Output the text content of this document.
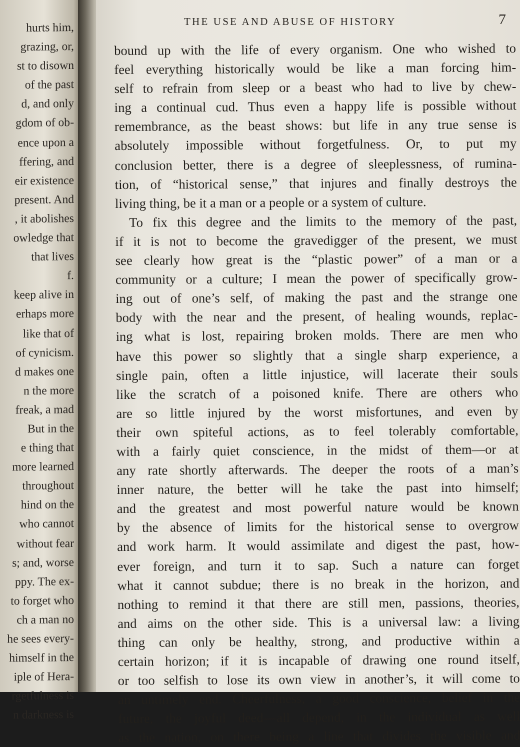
hurts him,
grazing, or,
st to disown
of the past
d, and only
gdom of ob-
ence upon a
ffering, and
eir existence
present. And
, it abolishes
owledge that
that lives
f.
keep alive in
erhaps more
like that of
of cynicism.
d makes one
n the more
freak, a mad
But in the
e thing that
more learned
throughout
hind on the
who cannot
without fear
s; and, worse
ppy. The ex-
to forget who
ch a man no
he sees every-
himself in the
iple of Hera-
rgetfulness is
n darkness is
THE USE AND ABUSE OF HISTORY	7
bound up with the life of every organism. One who wished to
feel everything historically would be like a man forcing him-
self to refrain from sleep or a beast who had to live by chew-
ing a continual cud. Thus even a happy life is possible without
remembrance, as the beast shows: but life in any true sense is
absolutely impossible without forgetfulness. Or, to put my
conclusion better, there is a degree of sleeplessness, of rumina-
tion, of “historical sense,” that injures and finally destroys the
living thing, be it a man or a people or a system of culture.
To fix this degree and the limits to the memory of the past,
if it is not to become the gravedigger of the present, we must
see clearly how great is the “plastic power” of a man or a
community or a culture; I mean the power of specifically grow-
ing out of one’s self, of making the past and the strange one
body with the near and the present, of healing wounds, replac-
ing what is lost, repairing broken molds. There are men who
have this power so slightly that a single sharp experience, a
single pain, often a little injustice, will lacerate their souls
like the scratch of a poisoned knife. There are others who
are so little injured by the worst misfortunes, and even by
their own spiteful actions, as to feel tolerably comfortable,
with a fairly quiet conscience, in the midst of them—or at
any rate shortly afterwards. The deeper the roots of a man’s
inner nature, the better will he take the past into himself;
and the greatest and most powerful nature would be known
by the absence of limits for the historical sense to overgrow
and work harm. It would assimilate and digest the past, how-
ever foreign, and turn it to sap. Such a nature can forget
what it cannot subdue; there is no break in the horizon, and
nothing to remind it that there are still men, passions, theories,
and aims on the other side. This is a universal law: a living
thing can only be healthy, strong, and productive within a
certain horizon; if it is incapable of drawing one round itself,
or too selfish to lose its own view in another’s, it will come to
an untimely end. Cheerfulness, a good conscience, belief in the
future, the joyful deed—all depend, in the individual as well
as the nation, on there being a line that divides the visible and
